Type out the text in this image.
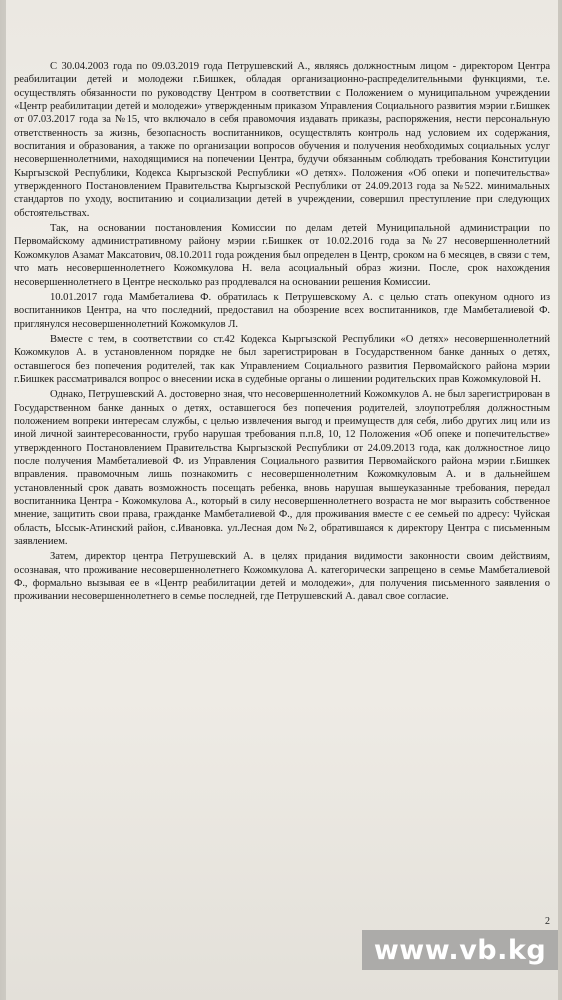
С 30.04.2003 года по 09.03.2019 года Петрушевский А., являясь должностным лицом - директором Центра реабилитации детей и молодежи г.Бишкек, обладая организационно-распределительными функциями, т.е. осуществлять обязанности по руководству Центром в соответствии с Положением о муниципальном учреждении «Центр реабилитации детей и молодежи» утвержденным приказом Управления Социального развития мэрии г.Бишкек от 07.03.2017 года за №15, что включало в себя правомочия издавать приказы, распоряжения, нести персональную ответственность за жизнь, безопасность воспитанников, осуществлять контроль над условием их содержания, воспитания и образования, а также по организации вопросов обучения и получения необходимых социальных услуг несовершеннолетними, находящимися на попечении Центра, будучи обязанным соблюдать требования Конституции Кыргызской Республики, Кодекса Кыргызской Республики «О детях». Положения «Об опеки и попечительства» утвержденного Постановлением Правительства Кыргызской Республики от 24.09.2013 года за №522. минимальных стандартов по уходу, воспитанию и социализации детей в учреждении, совершил преступление при следующих обстоятельствах.

Так, на основании постановления Комиссии по делам детей Муниципальной администрации по Первомайскому административному району мэрии г.Бишкек от 10.02.2016 года за №27 несовершеннолетний Кожомкулов Азамат Максатович, 08.10.2011 года рождения был определен в Центр, сроком на 6 месяцев, в связи с тем, что мать несовершеннолетнего Кожомкулова Н. вела асоциальный образ жизни. После, срок нахождения несовершеннолетнего в Центре несколько раз продлевался на основании решения Комиссии.

10.01.2017 года Мамбеталиева Ф. обратилась к Петрушевскому А. с целью стать опекуном одного из воспитанников Центра, на что последний, предоставил на обозрение всех воспитанников, где Мамбеталиевой Ф. приглянулся несовершеннолетний Кожомкулов Л.

Вместе с тем, в соответствии со ст.42 Кодекса Кыргызской Республики «О детях» несовершеннолетний Кожомкулов А. в установленном порядке не был зарегистрирован в Государственном банке данных о детях, оставшегося без попечения родителей, так как Управлением Социального развития Первомайского района мэрии г.Бишкек рассматривался вопрос о внесении иска в судебные органы о лишении родительских прав Кожомкуловой Н.

Однако, Петрушевский А. достоверно зная, что несовершеннолетний Кожомкулов А. не был зарегистрирован в Государственном банке данных о детях, оставшегося без попечения родителей, злоупотребляя должностным положением вопреки интересам службы, с целью извлечения выгод и преимуществ для себя, либо других лиц или из иной личной заинтересованности, грубо нарушая требования п.п.8, 10, 12 Положения «Об опеке и попечительстве» утвержденного Постановлением Правительства Кыргызской Республики от 24.09.2013 года, как должностное лицо после получения Мамбеталиевой Ф. из Управления Социального развития Первомайского района мэрии г.Бишкек вправления. правомочным лишь познакомить с несовершеннолетним Кожомкуловым А. и в дальнейшем установленный срок давать возможность посещать ребенка, вновь нарушая вышеуказанные требования, передал воспитанника Центра - Кожомкулова А., который в силу несовершеннолетнего возраста не мог выразить собственное мнение, защитить свои права, гражданке Мамбеталиевой Ф., для проживания вместе с ее семьей по адресу: Чуйская область, Ыссык-Атинский район, с.Ивановка. ул.Лесная дом №2, обратившаяся к директору Центра с письменным заявлением.

Затем, директор центра Петрушевский А. в целях придания видимости законности своим действиям, осознавая, что проживание несовершеннолетнего Кожомкулова А. категорически запрещено в семье Мамбеталиевой Ф., формально вызывая ее в «Центр реабилитации детей и молодежи», для получения письменного заявления о проживании несовершеннолетнего в семье последней, где Петрушевский А. давал свое согласие.

2
www.vb.kg
